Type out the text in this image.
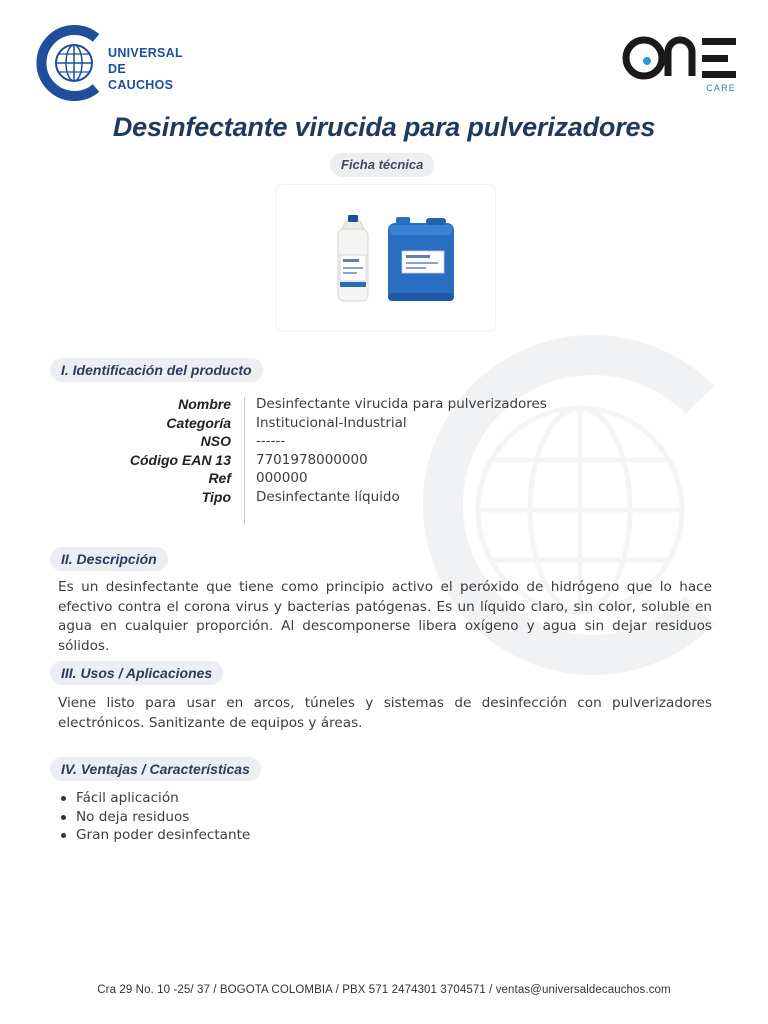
UNIVERSAL
DE
CAUCHOS	CARE
Desinfectante virucida para pulverizadores
Ficha técnica
I. Identificación del producto
Nombre
Categoría
NSO
Código EAN 13
Ref
Tipo
Desinfectante virucida para pulverizadores
Institucional-Industrial
------
7701978000000
000000
Desinfectante líquido
II. Descripción

Es un desinfectante que tiene como principio activo el peróxido de hidrógeno que lo hace efectivo contra el corona virus y bacterias patógenas. Es un líquido claro, sin color, soluble en agua en cualquier proporción. Al descomponerse libera oxígeno y agua sin dejar residuos sólidos.

III. Usos / Aplicaciones

Viene listo para usar en arcos, túneles y sistemas de desinfección con pulverizadores electrónicos. Sanitizante de equipos y áreas.

IV. Ventajas / Características
Fácil aplicación
No deja residuos
Gran poder desinfectante
Cra 29 No. 10 -25/ 37 / BOGOTA COLOMBIA / PBX 571 2474301 3704571 / ventas@universaldecauchos.com
